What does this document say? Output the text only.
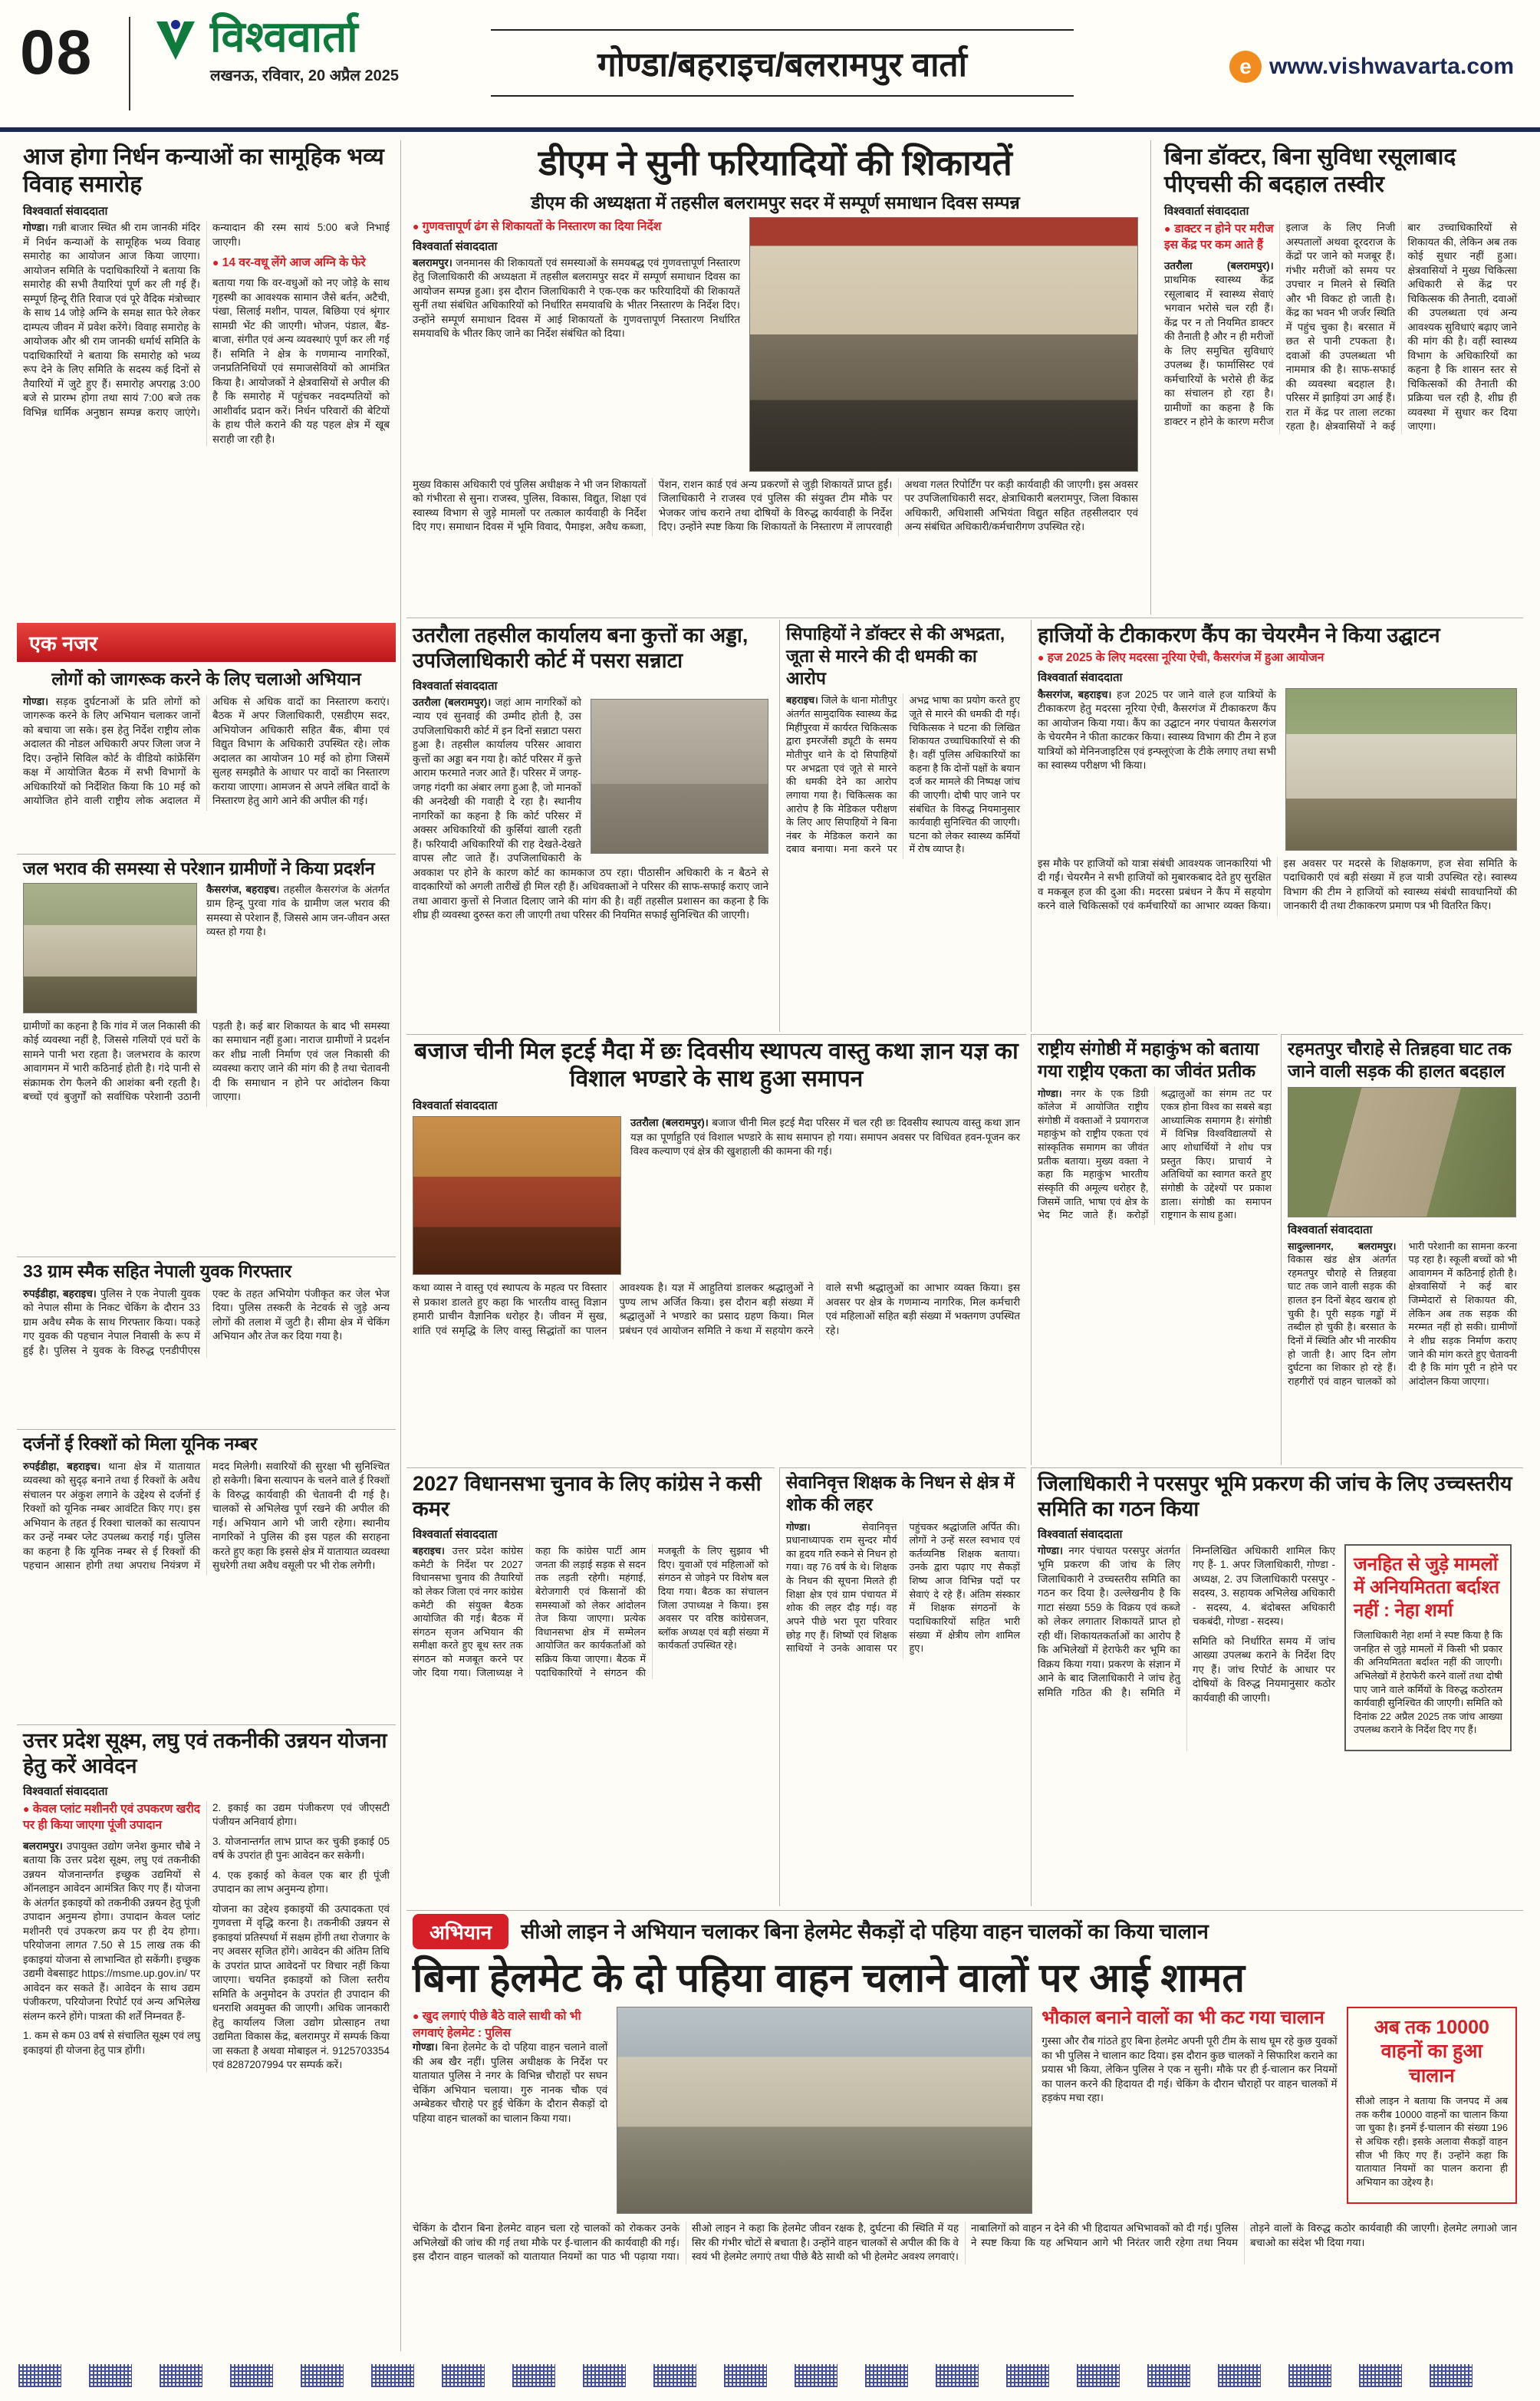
08	विश्ववार्ता
लखनऊ, रविवार, 20 अप्रैल 2025	गोण्डा/बहराइच/बलरामपुर वार्ता	e www.vishwavarta.com
आज होगा निर्धन कन्याओं का सामूहिक भव्य विवाह समारोह
विश्ववार्ता संवाददाता

गोण्डा। गन्नी बाजार स्थित श्री राम जानकी मंदिर में निर्धन कन्याओं के सामूहिक भव्य विवाह समारोह का आयोजन आज किया जाएगा। आयोजन समिति के पदाधिकारियों ने बताया कि समारोह की सभी तैयारियां पूर्ण कर ली गई हैं। सम्पूर्ण हिन्दू रीति रिवाज एवं पूरे वैदिक मंत्रोच्चार के साथ 14 जोड़े अग्नि के समक्ष सात फेरे लेकर दाम्पत्य जीवन में प्रवेश करेंगे। विवाह समारोह के आयोजक और श्री राम जानकी धर्मार्थ समिति के पदाधिकारियों ने बताया कि समारोह को भव्य रूप देने के लिए समिति के सदस्य कई दिनों से तैयारियों में जुटे हुए हैं। समारोह अपराह्न 3:00 बजे से प्रारम्भ होगा तथा सायं 7:00 बजे तक विभिन्न धार्मिक अनुष्ठान सम्पन्न कराए जाएंगे। कन्यादान की रस्म सायं 5:00 बजे निभाई जाएगी।

● 14 वर-वधू लेंगे आज अग्नि के फेरे

बताया गया कि वर-वधुओं को नए जोड़े के साथ गृहस्थी का आवश्यक सामान जैसे बर्तन, अटैची, पंखा, सिलाई मशीन, पायल, बिछिया एवं श्रृंगार सामग्री भेंट की जाएगी। भोजन, पंडाल, बैंड-बाजा, संगीत एवं अन्य व्यवस्थाएं पूर्ण कर ली गई हैं। समिति ने क्षेत्र के गणमान्य नागरिकों, जनप्रतिनिधियों एवं समाजसेवियों को आमंत्रित किया है। आयोजकों ने क्षेत्रवासियों से अपील की है कि समारोह में पहुंचकर नवदम्पतियों को आशीर्वाद प्रदान करें। निर्धन परिवारों की बेटियों के हाथ पीले कराने की यह पहल क्षेत्र में खूब सराही जा रही है।

डीएम ने सुनी फरियादियों की शिकायतें
डीएम की अध्यक्षता में तहसील बलरामपुर सदर में सम्पूर्ण समाधान दिवस सम्पन्न

● गुणवत्तापूर्ण ढंग से शिकायतों के निस्तारण का दिया निर्देश

विश्ववार्ता संवाददाता

बलरामपुर। जनमानस की शिकायतों एवं समस्याओं के समयबद्ध एवं गुणवत्तापूर्ण निस्तारण हेतु जिलाधिकारी की अध्यक्षता में तहसील बलरामपुर सदर में सम्पूर्ण समाधान दिवस का आयोजन सम्पन्न हुआ। इस दौरान जिलाधिकारी ने एक-एक कर फरियादियों की शिकायतें सुनीं तथा संबंधित अधिकारियों को निर्धारित समयावधि के भीतर निस्तारण के निर्देश दिए। उन्होंने सम्पूर्ण समाधान दिवस में आई शिकायतों के गुणवत्तापूर्ण निस्तारण निर्धारित समयावधि के भीतर किए जाने का निर्देश संबंधित को दिया।

मुख्य विकास अधिकारी एवं पुलिस अधीक्षक ने भी जन शिकायतों को गंभीरता से सुना। राजस्व, पुलिस, विकास, विद्युत, शिक्षा एवं स्वास्थ्य विभाग से जुड़े मामलों पर तत्काल कार्यवाही के निर्देश दिए गए। समाधान दिवस में भूमि विवाद, पैमाइश, अवैध कब्जा, पेंशन, राशन कार्ड एवं अन्य प्रकरणों से जुड़ी शिकायतें प्राप्त हुईं। जिलाधिकारी ने राजस्व एवं पुलिस की संयुक्त टीम मौके पर भेजकर जांच कराने तथा दोषियों के विरुद्ध कार्यवाही के निर्देश दिए। उन्होंने स्पष्ट किया कि शिकायतों के निस्तारण में लापरवाही अथवा गलत रिपोर्टिंग पर कड़ी कार्यवाही की जाएगी। इस अवसर पर उपजिलाधिकारी सदर, क्षेत्राधिकारी बलरामपुर, जिला विकास अधिकारी, अधिशासी अभियंता विद्युत सहित तहसीलदार एवं अन्य संबंधित अधिकारी/कर्मचारीगण उपस्थित रहे।

बिना डॉक्टर, बिना सुविधा रसूलाबाद पीएचसी की बदहाल तस्वीर
विश्ववार्ता संवाददाता

● डाक्टर न होने पर मरीज इस केंद्र पर कम आते हैं

उतरौला (बलरामपुर)। प्राथमिक स्वास्थ्य केंद्र रसूलाबाद में स्वास्थ्य सेवाएं भगवान भरोसे चल रही हैं। केंद्र पर न तो नियमित डाक्टर की तैनाती है और न ही मरीजों के लिए समुचित सुविधाएं उपलब्ध हैं। फार्मासिस्ट एवं कर्मचारियों के भरोसे ही केंद्र का संचालन हो रहा है। ग्रामीणों का कहना है कि डाक्टर न होने के कारण मरीज इलाज के लिए निजी अस्पतालों अथवा दूरदराज के केंद्रों पर जाने को मजबूर हैं। गंभीर मरीजों को समय पर उपचार न मिलने से स्थिति और भी विकट हो जाती है। केंद्र का भवन भी जर्जर स्थिति में पहुंच चुका है। बरसात में छत से पानी टपकता है। दवाओं की उपलब्धता भी नाममात्र की है। साफ-सफाई की व्यवस्था बदहाल है। परिसर में झाड़ियां उग आई हैं। रात में केंद्र पर ताला लटका रहता है। क्षेत्रवासियों ने कई बार उच्चाधिकारियों से शिकायत की, लेकिन अब तक कोई सुधार नहीं हुआ। क्षेत्रवासियों ने मुख्य चिकित्सा अधिकारी से केंद्र पर चिकित्सक की तैनाती, दवाओं की उपलब्धता एवं अन्य आवश्यक सुविधाएं बढ़ाए जाने की मांग की है। वहीं स्वास्थ्य विभाग के अधिकारियों का कहना है कि शासन स्तर से चिकित्सकों की तैनाती की प्रक्रिया चल रही है, शीघ्र ही व्यवस्था में सुधार कर दिया जाएगा।

एक नजर
लोगों को जागरूक करने के लिए चलाओ अभियान

गोण्डा। सड़क दुर्घटनाओं के प्रति लोगों को जागरूक करने के लिए अभियान चलाकर जानों को बचाया जा सके। इस हेतु निर्देश राष्ट्रीय लोक अदालत की नोडल अधिकारी अपर जिला जज ने दिए। उन्होंने सिविल कोर्ट के वीडियो कांफ्रेंसिंग कक्ष में आयोजित बैठक में सभी विभागों के अधिकारियों को निर्देशित किया कि 10 मई को आयोजित होने वाली राष्ट्रीय लोक अदालत में अधिक से अधिक वादों का निस्तारण कराएं। बैठक में अपर जिलाधिकारी, एसडीएम सदर, अभियोजन अधिकारी सहित बैंक, बीमा एवं विद्युत विभाग के अधिकारी उपस्थित रहे। लोक अदालत का आयोजन 10 मई को होगा जिसमें सुलह समझौते के आधार पर वादों का निस्तारण कराया जाएगा। आमजन से अपने लंबित वादों के निस्तारण हेतु आगे आने की अपील की गई।

जल भराव की समस्या से परेशान ग्रामीणों ने किया प्रदर्शन

कैसरगंज, बहराइच। तहसील कैसरगंज के अंतर्गत ग्राम हिन्दू पुरवा गांव के ग्रामीण जल भराव की समस्या से परेशान हैं, जिससे आम जन-जीवन अस्त व्यस्त हो गया है।

ग्रामीणों का कहना है कि गांव में जल निकासी की कोई व्यवस्था नहीं है, जिससे गलियों एवं घरों के सामने पानी भरा रहता है। जलभराव के कारण आवागमन में भारी कठिनाई होती है। गंदे पानी से संक्रामक रोग फैलने की आशंका बनी रहती है। बच्चों एवं बुजुर्गों को सर्वाधिक परेशानी उठानी पड़ती है। कई बार शिकायत के बाद भी समस्या का समाधान नहीं हुआ। नाराज ग्रामीणों ने प्रदर्शन कर शीघ्र नाली निर्माण एवं जल निकासी की व्यवस्था कराए जाने की मांग की है तथा चेतावनी दी कि समाधान न होने पर आंदोलन किया जाएगा।

33 ग्राम स्मैक सहित नेपाली युवक गिरफ्तार

रुपईडीहा, बहराइच। पुलिस ने एक नेपाली युवक को नेपाल सीमा के निकट चेकिंग के दौरान 33 ग्राम अवैध स्मैक के साथ गिरफ्तार किया। पकड़े गए युवक की पहचान नेपाल निवासी के रूप में हुई है। पुलिस ने युवक के विरुद्ध एनडीपीएस एक्ट के तहत अभियोग पंजीकृत कर जेल भेज दिया। पुलिस तस्करी के नेटवर्क से जुड़े अन्य लोगों की तलाश में जुटी है। सीमा क्षेत्र में चेकिंग अभियान और तेज कर दिया गया है।

दर्जनों ई रिक्शों को मिला यूनिक नम्बर

रुपईडीहा, बहराइच। थाना क्षेत्र में यातायात व्यवस्था को सुदृढ़ बनाने तथा ई रिक्शों के अवैध संचालन पर अंकुश लगाने के उद्देश्य से दर्जनों ई रिक्शों को यूनिक नम्बर आवंटित किए गए। इस अभियान के तहत ई रिक्शा चालकों का सत्यापन कर उन्हें नम्बर प्लेट उपलब्ध कराई गई। पुलिस का कहना है कि यूनिक नम्बर से ई रिक्शों की पहचान आसान होगी तथा अपराध नियंत्रण में मदद मिलेगी। सवारियों की सुरक्षा भी सुनिश्चित हो सकेगी। बिना सत्यापन के चलने वाले ई रिक्शों के विरुद्ध कार्यवाही की चेतावनी दी गई है। चालकों से अभिलेख पूर्ण रखने की अपील की गई। अभियान आगे भी जारी रहेगा। स्थानीय नागरिकों ने पुलिस की इस पहल की सराहना करते हुए कहा कि इससे क्षेत्र में यातायात व्यवस्था सुधरेगी तथा अवैध वसूली पर भी रोक लगेगी।

उत्तर प्रदेश सूक्ष्म, लघु एवं तकनीकी उन्नयन योजना हेतु करें आवेदन
विश्ववार्ता संवाददाता

● केवल प्लांट मशीनरी एवं उपकरण खरीद पर ही किया जाएगा पूंजी उपादान

बलरामपुर। उपायुक्त उद्योग जनेश कुमार चौबे ने बताया कि उत्तर प्रदेश सूक्ष्म, लघु एवं तकनीकी उन्नयन योजनान्तर्गत इच्छुक उद्यमियों से ऑनलाइन आवेदन आमंत्रित किए गए हैं। योजना के अंतर्गत इकाइयों को तकनीकी उन्नयन हेतु पूंजी उपादान अनुमन्य होगा। उपादान केवल प्लांट मशीनरी एवं उपकरण क्रय पर ही देय होगा। परियोजना लागत 7.50 से 15 लाख तक की इकाइयां योजना से लाभान्वित हो सकेंगी। इच्छुक उद्यमी वेबसाइट https://msme.up.gov.in/ पर आवेदन कर सकते हैं। आवेदन के साथ उद्यम पंजीकरण, परियोजना रिपोर्ट एवं अन्य अभिलेख संलग्न करने होंगे। पात्रता की शर्तें निम्नवत हैं-

1. कम से कम 03 वर्ष से संचालित सूक्ष्म एवं लघु इकाइयां ही योजना हेतु पात्र होंगी।

2. इकाई का उद्यम पंजीकरण एवं जीएसटी पंजीयन अनिवार्य होगा।

3. योजनान्तर्गत लाभ प्राप्त कर चुकी इकाई 05 वर्ष के उपरांत ही पुनः आवेदन कर सकेगी।

4. एक इकाई को केवल एक बार ही पूंजी उपादान का लाभ अनुमन्य होगा।

योजना का उद्देश्य इकाइयों की उत्पादकता एवं गुणवत्ता में वृद्धि करना है। तकनीकी उन्नयन से इकाइयां प्रतिस्पर्धा में सक्षम होंगी तथा रोजगार के नए अवसर सृजित होंगे। आवेदन की अंतिम तिथि के उपरांत प्राप्त आवेदनों पर विचार नहीं किया जाएगा। चयनित इकाइयों को जिला स्तरीय समिति के अनुमोदन के उपरांत ही उपादान की धनराशि अवमुक्त की जाएगी। अधिक जानकारी हेतु कार्यालय जिला उद्योग प्रोत्साहन तथा उद्यमिता विकास केंद्र, बलरामपुर में सम्पर्क किया जा सकता है अथवा मोबाइल नं. 9125703354 एवं 8287207994 पर सम्पर्क करें।

उतरौला तहसील कार्यालय बना कुत्तों का अड्डा, उपजिलाधिकारी कोर्ट में पसरा सन्नाटा
विश्ववार्ता संवाददाता

उतरौला (बलरामपुर)। जहां आम नागरिकों को न्याय एवं सुनवाई की उम्मीद होती है, उस उपजिलाधिकारी कोर्ट में इन दिनों सन्नाटा पसरा हुआ है। तहसील कार्यालय परिसर आवारा कुत्तों का अड्डा बन गया है। कोर्ट परिसर में कुत्ते आराम फरमाते नजर आते हैं। परिसर में जगह-जगह गंदगी का अंबार लगा हुआ है, जो मानकों की अनदेखी की गवाही दे रहा है। स्थानीय नागरिकों का कहना है कि कोर्ट परिसर में अक्सर अधिकारियों की कुर्सियां खाली रहती हैं। फरियादी अधिकारियों की राह देखते-देखते वापस लौट जाते हैं। उपजिलाधिकारी के अवकाश पर होने के कारण कोर्ट का कामकाज ठप रहा। पीठासीन अधिकारी के न बैठने से वादकारियों को अगली तारीखें ही मिल रही हैं। अधिवक्ताओं ने परिसर की साफ-सफाई कराए जाने तथा आवारा कुत्तों से निजात दिलाए जाने की मांग की है। वहीं तहसील प्रशासन का कहना है कि शीघ्र ही व्यवस्था दुरुस्त करा ली जाएगी तथा परिसर की नियमित सफाई सुनिश्चित की जाएगी।

सिपाहियों ने डॉक्टर से की अभद्रता, जूता से मारने की दी धमकी का आरोप

बहराइच। जिले के थाना मोतीपुर अंतर्गत सामुदायिक स्वास्थ्य केंद्र मिहींपुरवा में कार्यरत चिकित्सक द्वारा इमरजेंसी ड्यूटी के समय मोतीपुर थाने के दो सिपाहियों पर अभद्रता एवं जूते से मारने की धमकी देने का आरोप लगाया गया है। चिकित्सक का आरोप है कि मेडिकल परीक्षण के लिए आए सिपाहियों ने बिना नंबर के मेडिकल कराने का दबाव बनाया। मना करने पर अभद्र भाषा का प्रयोग करते हुए जूते से मारने की धमकी दी गई। चिकित्सक ने घटना की लिखित शिकायत उच्चाधिकारियों से की है। वहीं पुलिस अधिकारियों का कहना है कि दोनों पक्षों के बयान दर्ज कर मामले की निष्पक्ष जांच की जाएगी। दोषी पाए जाने पर संबंधित के विरुद्ध नियमानुसार कार्यवाही सुनिश्चित की जाएगी। घटना को लेकर स्वास्थ्य कर्मियों में रोष व्याप्त है।

हाजियों के टीकाकरण कैंप का चेयरमैन ने किया उद्घाटन

● हज 2025 के लिए मदरसा नूरिया ऐची, कैसरगंज में हुआ आयोजन

विश्ववार्ता संवाददाता

कैसरगंज, बहराइच। हज 2025 पर जाने वाले हज यात्रियों के टीकाकरण हेतु मदरसा नूरिया ऐची, कैसरगंज में टीकाकरण कैंप का आयोजन किया गया। कैंप का उद्घाटन नगर पंचायत कैसरगंज के चेयरमैन ने फीता काटकर किया। स्वास्थ्य विभाग की टीम ने हज यात्रियों को मेनिनजाइटिस एवं इन्फ्लूएंजा के टीके लगाए तथा सभी का स्वास्थ्य परीक्षण भी किया।

इस मौके पर हाजियों को यात्रा संबंधी आवश्यक जानकारियां भी दी गईं। चेयरमैन ने सभी हाजियों को मुबारकबाद देते हुए सुरक्षित व मकबूल हज की दुआ की। मदरसा प्रबंधन ने कैंप में सहयोग करने वाले चिकित्सकों एवं कर्मचारियों का आभार व्यक्त किया। इस अवसर पर मदरसे के शिक्षकगण, हज सेवा समिति के पदाधिकारी एवं बड़ी संख्या में हज यात्री उपस्थित रहे। स्वास्थ्य विभाग की टीम ने हाजियों को स्वास्थ्य संबंधी सावधानियों की जानकारी दी तथा टीकाकरण प्रमाण पत्र भी वितरित किए।

बजाज चीनी मिल इटई मैदा में छः दिवसीय स्थापत्य वास्तु कथा ज्ञान यज्ञ का विशाल भण्डारे के साथ हुआ समापन
विश्ववार्ता संवाददाता

उतरौला (बलरामपुर)। बजाज चीनी मिल इटई मैदा परिसर में चल रही छः दिवसीय स्थापत्य वास्तु कथा ज्ञान यज्ञ का पूर्णाहुति एवं विशाल भण्डारे के साथ समापन हो गया। समापन अवसर पर विधिवत हवन-पूजन कर विश्व कल्याण एवं क्षेत्र की खुशहाली की कामना की गई।

कथा व्यास ने वास्तु एवं स्थापत्य के महत्व पर विस्तार से प्रकाश डालते हुए कहा कि भारतीय वास्तु विज्ञान हमारी प्राचीन वैज्ञानिक धरोहर है। जीवन में सुख, शांति एवं समृद्धि के लिए वास्तु सिद्धांतों का पालन आवश्यक है। यज्ञ में आहुतियां डालकर श्रद्धालुओं ने पुण्य लाभ अर्जित किया। इस दौरान बड़ी संख्या में श्रद्धालुओं ने भण्डारे का प्रसाद ग्रहण किया। मिल प्रबंधन एवं आयोजन समिति ने कथा में सहयोग करने वाले सभी श्रद्धालुओं का आभार व्यक्त किया। इस अवसर पर क्षेत्र के गणमान्य नागरिक, मिल कर्मचारी एवं महिलाओं सहित बड़ी संख्या में भक्तगण उपस्थित रहे।

राष्ट्रीय संगोष्ठी में महाकुंभ को बताया गया राष्ट्रीय एकता का जीवंत प्रतीक

गोण्डा। नगर के एक डिग्री कॉलेज में आयोजित राष्ट्रीय संगोष्ठी में वक्ताओं ने प्रयागराज महाकुंभ को राष्ट्रीय एकता एवं सांस्कृतिक समागम का जीवंत प्रतीक बताया। मुख्य वक्ता ने कहा कि महाकुंभ भारतीय संस्कृति की अमूल्य धरोहर है, जिसमें जाति, भाषा एवं क्षेत्र के भेद मिट जाते हैं। करोड़ों श्रद्धालुओं का संगम तट पर एकत्र होना विश्व का सबसे बड़ा आध्यात्मिक समागम है। संगोष्ठी में विभिन्न विश्वविद्यालयों से आए शोधार्थियों ने शोध पत्र प्रस्तुत किए। प्राचार्य ने अतिथियों का स्वागत करते हुए संगोष्ठी के उद्देश्यों पर प्रकाश डाला। संगोष्ठी का समापन राष्ट्रगान के साथ हुआ।

रहमतपुर चौराहे से तिन्नहवा घाट तक जाने वाली सड़क की हालत बदहाल
विश्ववार्ता संवाददाता

सादुल्लानगर, बलरामपुर। विकास खंड क्षेत्र अंतर्गत रहमतपुर चौराहे से तिन्नहवा घाट तक जाने वाली सड़क की हालत इन दिनों बेहद खराब हो चुकी है। पूरी सड़क गड्ढों में तब्दील हो चुकी है। बरसात के दिनों में स्थिति और भी नारकीय हो जाती है। आए दिन लोग दुर्घटना का शिकार हो रहे हैं। राहगीरों एवं वाहन चालकों को भारी परेशानी का सामना करना पड़ रहा है। स्कूली बच्चों को भी आवागमन में कठिनाई होती है। क्षेत्रवासियों ने कई बार जिम्मेदारों से शिकायत की, लेकिन अब तक सड़क की मरम्मत नहीं हो सकी। ग्रामीणों ने शीघ्र सड़क निर्माण कराए जाने की मांग करते हुए चेतावनी दी है कि मांग पूरी न होने पर आंदोलन किया जाएगा।

2027 विधानसभा चुनाव के लिए कांग्रेस ने कसी कमर
विश्ववार्ता संवाददाता

बहराइच। उत्तर प्रदेश कांग्रेस कमेटी के निर्देश पर 2027 विधानसभा चुनाव की तैयारियों को लेकर जिला एवं नगर कांग्रेस कमेटी की संयुक्त बैठक आयोजित की गई। बैठक में संगठन सृजन अभियान की समीक्षा करते हुए बूथ स्तर तक संगठन को मजबूत करने पर जोर दिया गया। जिलाध्यक्ष ने कहा कि कांग्रेस पार्टी आम जनता की लड़ाई सड़क से सदन तक लड़ती रहेगी। महंगाई, बेरोजगारी एवं किसानों की समस्याओं को लेकर आंदोलन तेज किया जाएगा। प्रत्येक विधानसभा क्षेत्र में सम्मेलन आयोजित कर कार्यकर्ताओं को सक्रिय किया जाएगा। बैठक में पदाधिकारियों ने संगठन की मजबूती के लिए सुझाव भी दिए। युवाओं एवं महिलाओं को संगठन से जोड़ने पर विशेष बल दिया गया। बैठक का संचालन जिला उपाध्यक्ष ने किया। इस अवसर पर वरिष्ठ कांग्रेसजन, ब्लॉक अध्यक्ष एवं बड़ी संख्या में कार्यकर्ता उपस्थित रहे।

सेवानिवृत्त शिक्षक के निधन से क्षेत्र में शोक की लहर

गोण्डा।	सेवानिवृत्त प्रधानाध्यापक राम सुन्दर मौर्य का हृदय गति रुकने से निधन हो गया। वह 76 वर्ष के थे। शिक्षक के निधन की सूचना मिलते ही शिक्षा क्षेत्र एवं ग्राम पंचायत में शोक की लहर दौड़ गई। वह अपने पीछे भरा पूरा परिवार छोड़ गए हैं। शिष्यों एवं शिक्षक साथियों ने उनके आवास पर पहुंचकर श्रद्धांजलि अर्पित की। लोगों ने उन्हें सरल स्वभाव एवं कर्तव्यनिष्ठ शिक्षक बताया। उनके द्वारा पढ़ाए गए सैकड़ों शिष्य आज विभिन्न पदों पर सेवाएं दे रहे हैं। अंतिम संस्कार में शिक्षक संगठनों के पदाधिकारियों सहित भारी संख्या में क्षेत्रीय लोग शामिल हुए।

जिलाधिकारी ने परसपुर भूमि प्रकरण की जांच के लिए उच्चस्तरीय समिति का गठन किया
विश्ववार्ता संवाददाता

गोण्डा। नगर पंचायत परसपुर अंतर्गत भूमि प्रकरण की जांच के लिए जिलाधिकारी ने उच्चस्तरीय समिति का गठन कर दिया है। उल्लेखनीय है कि गाटा संख्या 559 के विक्रय एवं कब्जे को लेकर लगातार शिकायतें प्राप्त हो रही थीं। शिकायतकर्ताओं का आरोप है कि अभिलेखों में हेराफेरी कर भूमि का विक्रय किया गया। प्रकरण के संज्ञान में आने के बाद जिलाधिकारी ने जांच हेतु समिति गठित की है। समिति में निम्नलिखित अधिकारी शामिल किए गए हैं- 1. अपर जिलाधिकारी, गोण्डा - अध्यक्ष, 2. उप जिलाधिकारी परसपुर - सदस्य, 3. सहायक अभिलेख अधिकारी - सदस्य, 4. बंदोबस्त अधिकारी चकबंदी, गोण्डा - सदस्य।

समिति को निर्धारित समय में जांच आख्या उपलब्ध कराने के निर्देश दिए गए हैं। जांच रिपोर्ट के आधार पर दोषियों के विरुद्ध नियमानुसार कठोर कार्यवाही की जाएगी।

जनहित से जुड़े मामलों में अनियमितता बर्दाश्त नहीं : नेहा शर्मा

जिलाधिकारी नेहा शर्मा ने स्पष्ट किया है कि जनहित से जुड़े मामलों में किसी भी प्रकार की अनियमितता बर्दाश्त नहीं की जाएगी। अभिलेखों में हेराफेरी करने वालों तथा दोषी पाए जाने वाले कर्मियों के विरुद्ध कठोरतम कार्यवाही सुनिश्चित की जाएगी। समिति को दिनांक 22 अप्रैल 2025 तक जांच आख्या उपलब्ध कराने के निर्देश दिए गए हैं।

अभियान	सीओ लाइन ने अभियान चलाकर बिना हेलमेट सैकड़ों दो पहिया वाहन चालकों का किया चालान
बिना हेलमेट के दो पहिया वाहन चलाने वालों पर आई शामत

● खुद लगाएं पीछे बैठे वाले साथी को भी लगवाएं हेलमेट : पुलिस

गोण्डा। बिना हेलमेट के दो पहिया वाहन चलाने वालों की अब खैर नहीं। पुलिस अधीक्षक के निर्देश पर यातायात पुलिस ने नगर के विभिन्न चौराहों पर सघन चेकिंग अभियान चलाया। गुरु नानक चौक एवं अम्बेडकर चौराहे पर हुई चेकिंग के दौरान सैकड़ों दो पहिया वाहन चालकों का चालान किया गया।

भौकाल बनाने वालों का भी कट गया चालान

गुस्सा और रौब गांठते हुए बिना हेलमेट अपनी पूरी टीम के साथ घूम रहे कुछ युवकों का भी पुलिस ने चालान काट दिया। इस दौरान कुछ चालकों ने सिफारिश कराने का प्रयास भी किया, लेकिन पुलिस ने एक न सुनी। मौके पर ही ई-चालान कर नियमों का पालन करने की हिदायत दी गई। चेकिंग के दौरान चौराहों पर वाहन चालकों में हड़कंप मचा रहा।

अब तक 10000 वाहनों का हुआ चालान

सीओ लाइन ने बताया कि जनपद में अब तक करीब 10000 वाहनों का चालान किया जा चुका है। इनमें ई-चालान की संख्या 196 से अधिक रही। इसके अलावा सैकड़ों वाहन सीज भी किए गए हैं। उन्होंने कहा कि यातायात नियमों का पालन कराना ही अभियान का उद्देश्य है।

चेकिंग के दौरान बिना हेलमेट वाहन चला रहे चालकों को रोककर उनके अभिलेखों की जांच की गई तथा मौके पर ई-चालान की कार्यवाही की गई। इस दौरान वाहन चालकों को यातायात नियमों का पाठ भी पढ़ाया गया। सीओ लाइन ने कहा कि हेलमेट जीवन रक्षक है, दुर्घटना की स्थिति में यह सिर की गंभीर चोटों से बचाता है। उन्होंने वाहन चालकों से अपील की कि वे स्वयं भी हेलमेट लगाएं तथा पीछे बैठे साथी को भी हेलमेट अवश्य लगवाएं। नाबालिगों को वाहन न देने की भी हिदायत अभिभावकों को दी गई। पुलिस ने स्पष्ट किया कि यह अभियान आगे भी निरंतर जारी रहेगा तथा नियम तोड़ने वालों के विरुद्ध कठोर कार्यवाही की जाएगी। हेलमेट लगाओ जान बचाओ का संदेश भी दिया गया।
